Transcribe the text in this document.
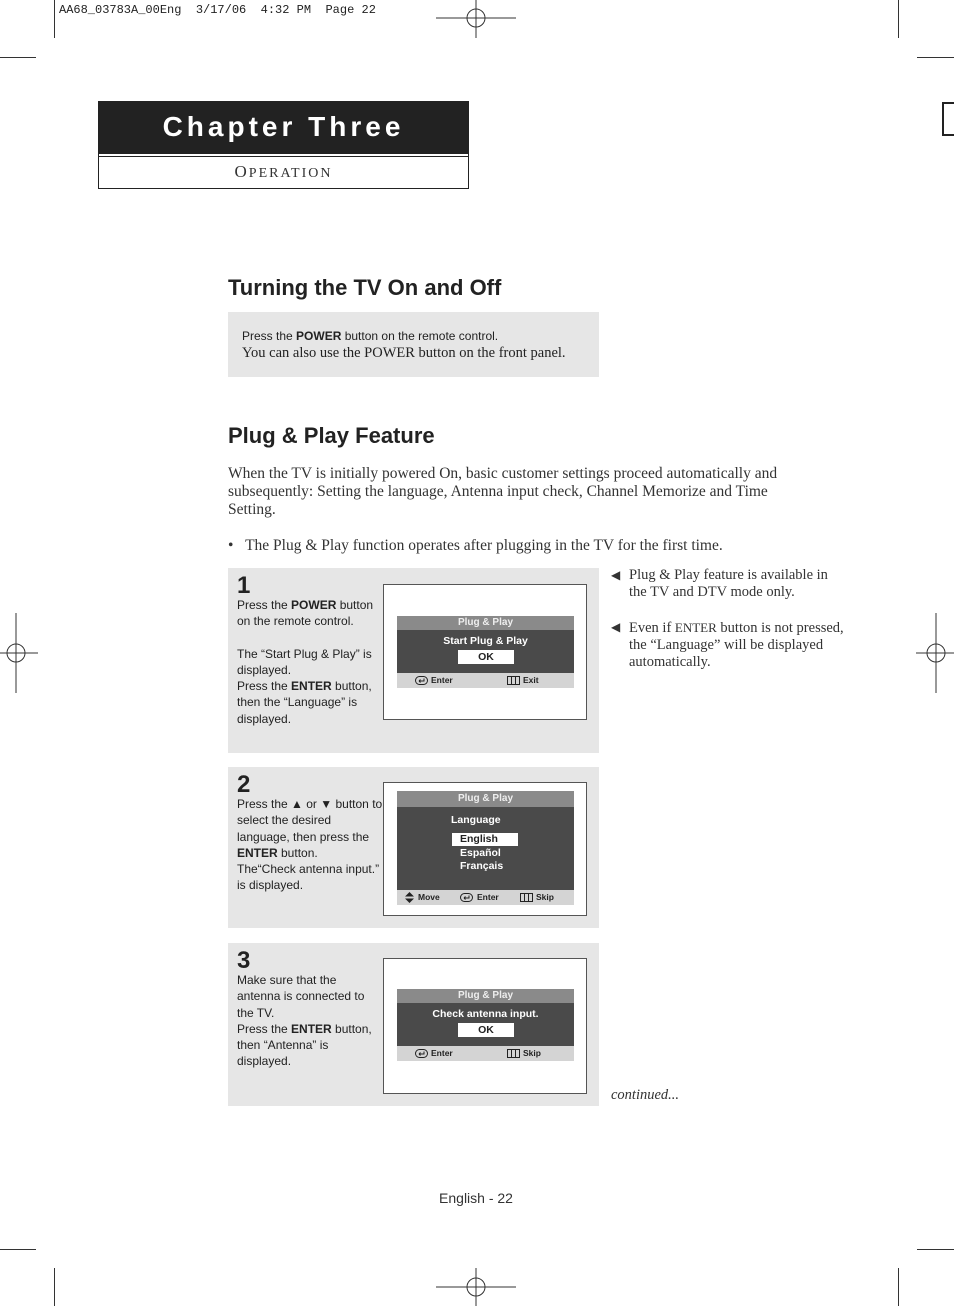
AA68_03783A_00Eng 3/17/06 4:32 PM Page 22
Chapter Three
OPERATION
Turning the TV On and Off
Press the POWER button on the remote control.
You can also use the POWER button on the front panel.
Plug & Play Feature
When the TV is initially powered On, basic customer settings proceed automatically and subsequently: Setting the language, Antenna input check, Channel Memorize and Time Setting.
• The Plug & Play function operates after plugging in the TV for the first time.
1
Press the POWER button on the remote control.
The “Start Plug & Play” is displayed.
Press the ENTER button, then the “Language” is displayed.
Plug & Play
Start Plug & Play
OK
Enter	Exit
2
Press the ▲ or ▼ button to select the desired language, then press the ENTER button.
The“Check antenna input.” is displayed.
Plug & Play
Language
English
Español
Français
Move	Enter	Skip
3
Make sure that the antenna is connected to the TV.
Press the ENTER button, then “Antenna” is displayed.
Plug & Play
Check antenna input.
OK
Enter	Skip
◀ Plug & Play feature is available in the TV and DTV mode only.
◀ Even if ENTER button is not pressed, the “Language” will be displayed automatically.
continued...
English - 22
